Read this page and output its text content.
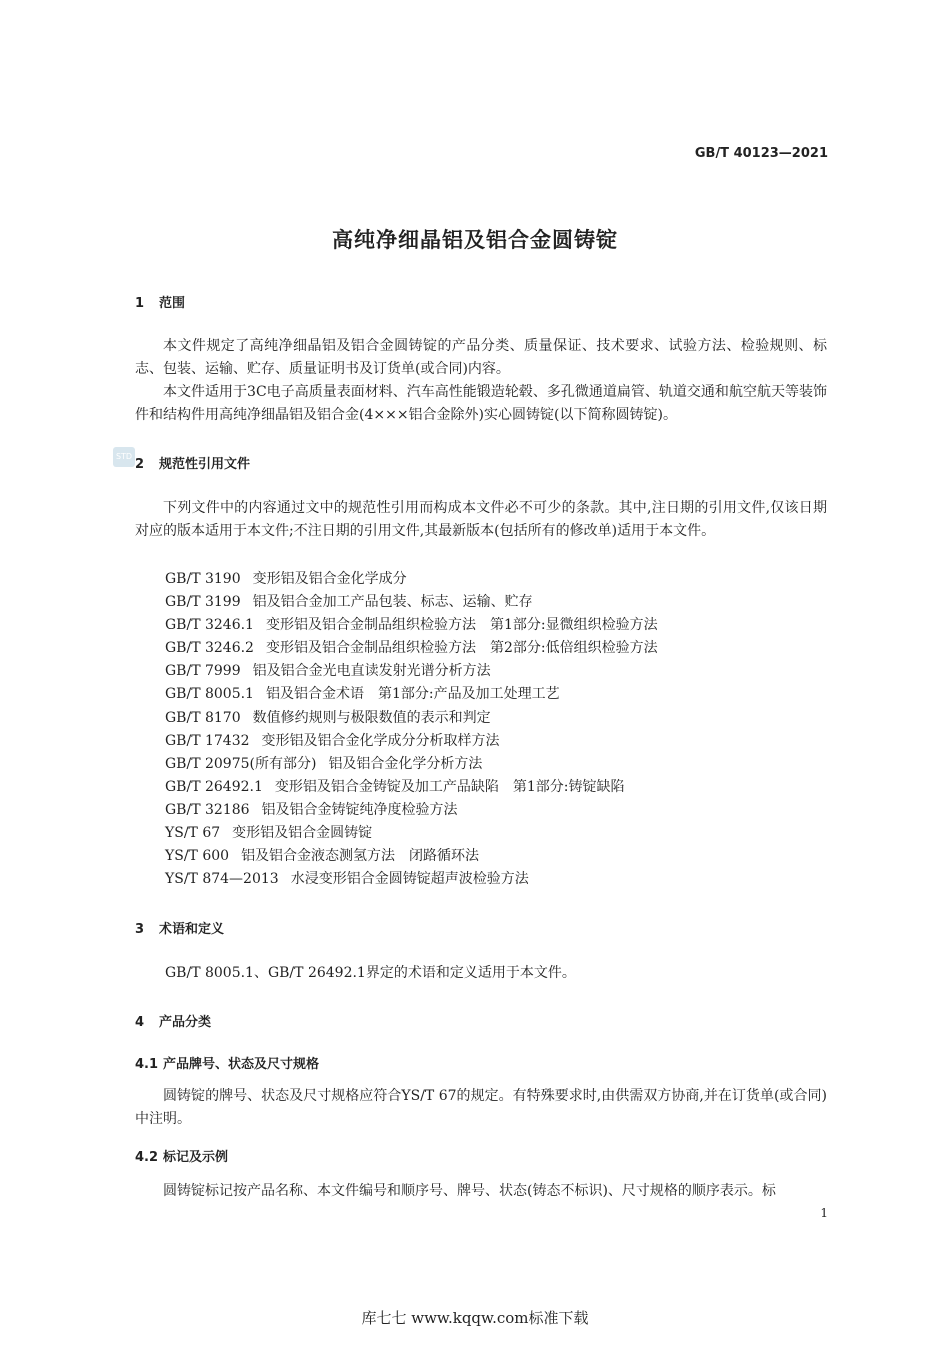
GB/T 40123—2021
高纯净细晶铝及铝合金圆铸锭
1 范围
本文件规定了高纯净细晶铝及铝合金圆铸锭的产品分类、质量保证、技术要求、试验方法、检验规则、标志、包装、运输、贮存、质量证明书及订货单(或合同)内容。
本文件适用于3C电子高质量表面材料、汽车高性能锻造轮毂、多孔微通道扁管、轨道交通和航空航天等装饰件和结构件用高纯净细晶铝及铝合金(4×××铝合金除外)实心圆铸锭(以下简称圆铸锭)。
STD
2 规范性引用文件
下列文件中的内容通过文中的规范性引用而构成本文件必不可少的条款。其中,注日期的引用文件,仅该日期对应的版本适用于本文件;不注日期的引用文件,其最新版本(包括所有的修改单)适用于本文件。
GB/T 3190 变形铝及铝合金化学成分
GB/T 3199 铝及铝合金加工产品包装、标志、运输、贮存
GB/T 3246.1 变形铝及铝合金制品组织检验方法　第1部分:显微组织检验方法
GB/T 3246.2 变形铝及铝合金制品组织检验方法　第2部分:低倍组织检验方法
GB/T 7999 铝及铝合金光电直读发射光谱分析方法
GB/T 8005.1 铝及铝合金术语　第1部分:产品及加工处理工艺
GB/T 8170 数值修约规则与极限数值的表示和判定
GB/T 17432 变形铝及铝合金化学成分分析取样方法
GB/T 20975(所有部分) 铝及铝合金化学分析方法
GB/T 26492.1 变形铝及铝合金铸锭及加工产品缺陷　第1部分:铸锭缺陷
GB/T 32186 铝及铝合金铸锭纯净度检验方法
YS/T 67 变形铝及铝合金圆铸锭
YS/T 600 铝及铝合金液态测氢方法　闭路循环法
YS/T 874—2013 水浸变形铝合金圆铸锭超声波检验方法
3 术语和定义
GB/T 8005.1、GB/T 26492.1界定的术语和定义适用于本文件。
4 产品分类
4.1 产品牌号、状态及尺寸规格
圆铸锭的牌号、状态及尺寸规格应符合YS/T 67的规定。有特殊要求时,由供需双方协商,并在订货单(或合同)中注明。
4.2 标记及示例
圆铸锭标记按产品名称、本文件编号和顺序号、牌号、状态(铸态不标识)、尺寸规格的顺序表示。标
1
库七七 www.kqqw.com标准下载
